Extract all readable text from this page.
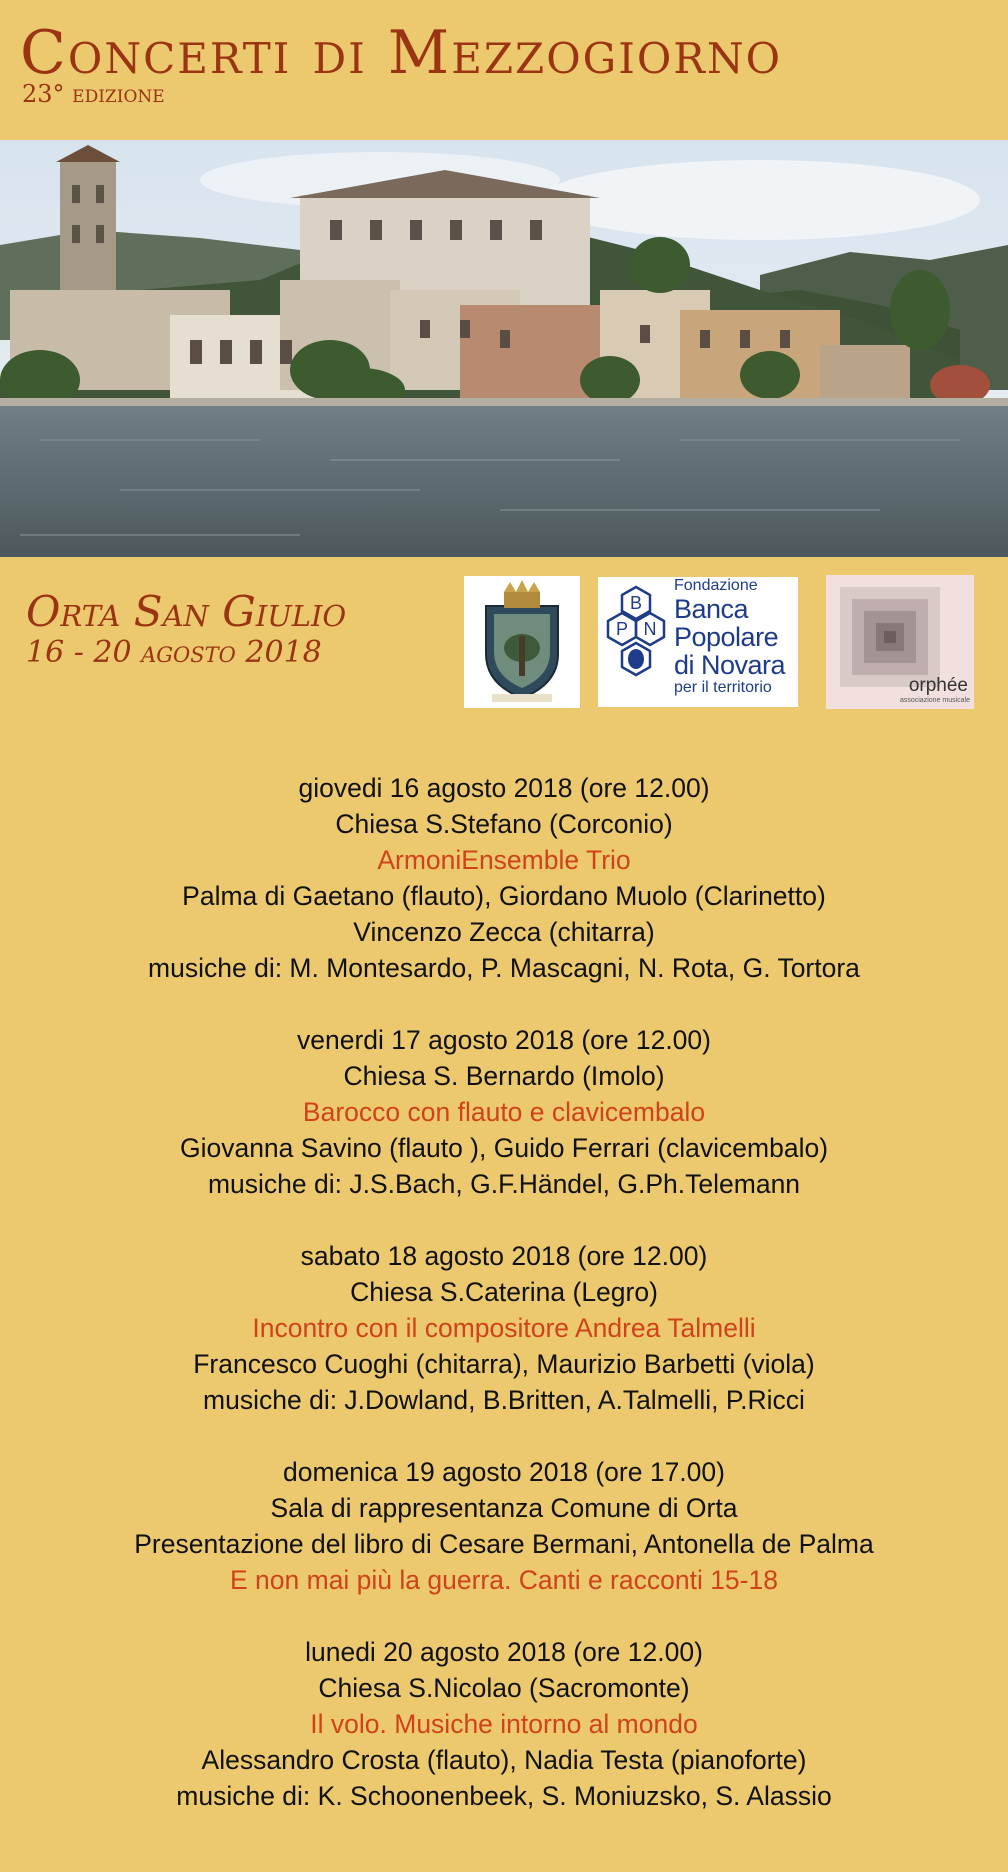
Concerti di Mezzogiorno
23° edizione
Orta San Giulio
16 - 20 agosto 2018
B
P N
Fondazione
Banca
Popolare
di Novara
per il territorio	orphée
associazione musicale
giovedi 16 agosto 2018 (ore 12.00)
Chiesa S.Stefano (Corconio)
ArmoniEnsemble Trio
Palma di Gaetano (flauto), Giordano Muolo (Clarinetto)
Vincenzo Zecca (chitarra)
musiche di: M. Montesardo, P. Mascagni, N. Rota, G. Tortora
venerdi 17 agosto 2018 (ore 12.00)
Chiesa S. Bernardo (Imolo)
Barocco con flauto e clavicembalo
Giovanna Savino (flauto ), Guido Ferrari (clavicembalo)
musiche di: J.S.Bach, G.F.Händel, G.Ph.Telemann
sabato 18 agosto 2018 (ore 12.00)
Chiesa S.Caterina (Legro)
Incontro con il compositore Andrea Talmelli
Francesco Cuoghi (chitarra), Maurizio Barbetti (viola)
musiche di: J.Dowland, B.Britten, A.Talmelli, P.Ricci
domenica 19 agosto 2018 (ore 17.00)
Sala di rappresentanza Comune di Orta
Presentazione del libro di Cesare Bermani, Antonella de Palma
E non mai più la guerra. Canti e racconti 15-18
lunedi 20 agosto 2018 (ore 12.00)
Chiesa S.Nicolao (Sacromonte)
Il volo. Musiche intorno al mondo
Alessandro Crosta (flauto), Nadia Testa (pianoforte)
musiche di: K. Schoonenbeek, S. Moniuzsko, S. Alassio
